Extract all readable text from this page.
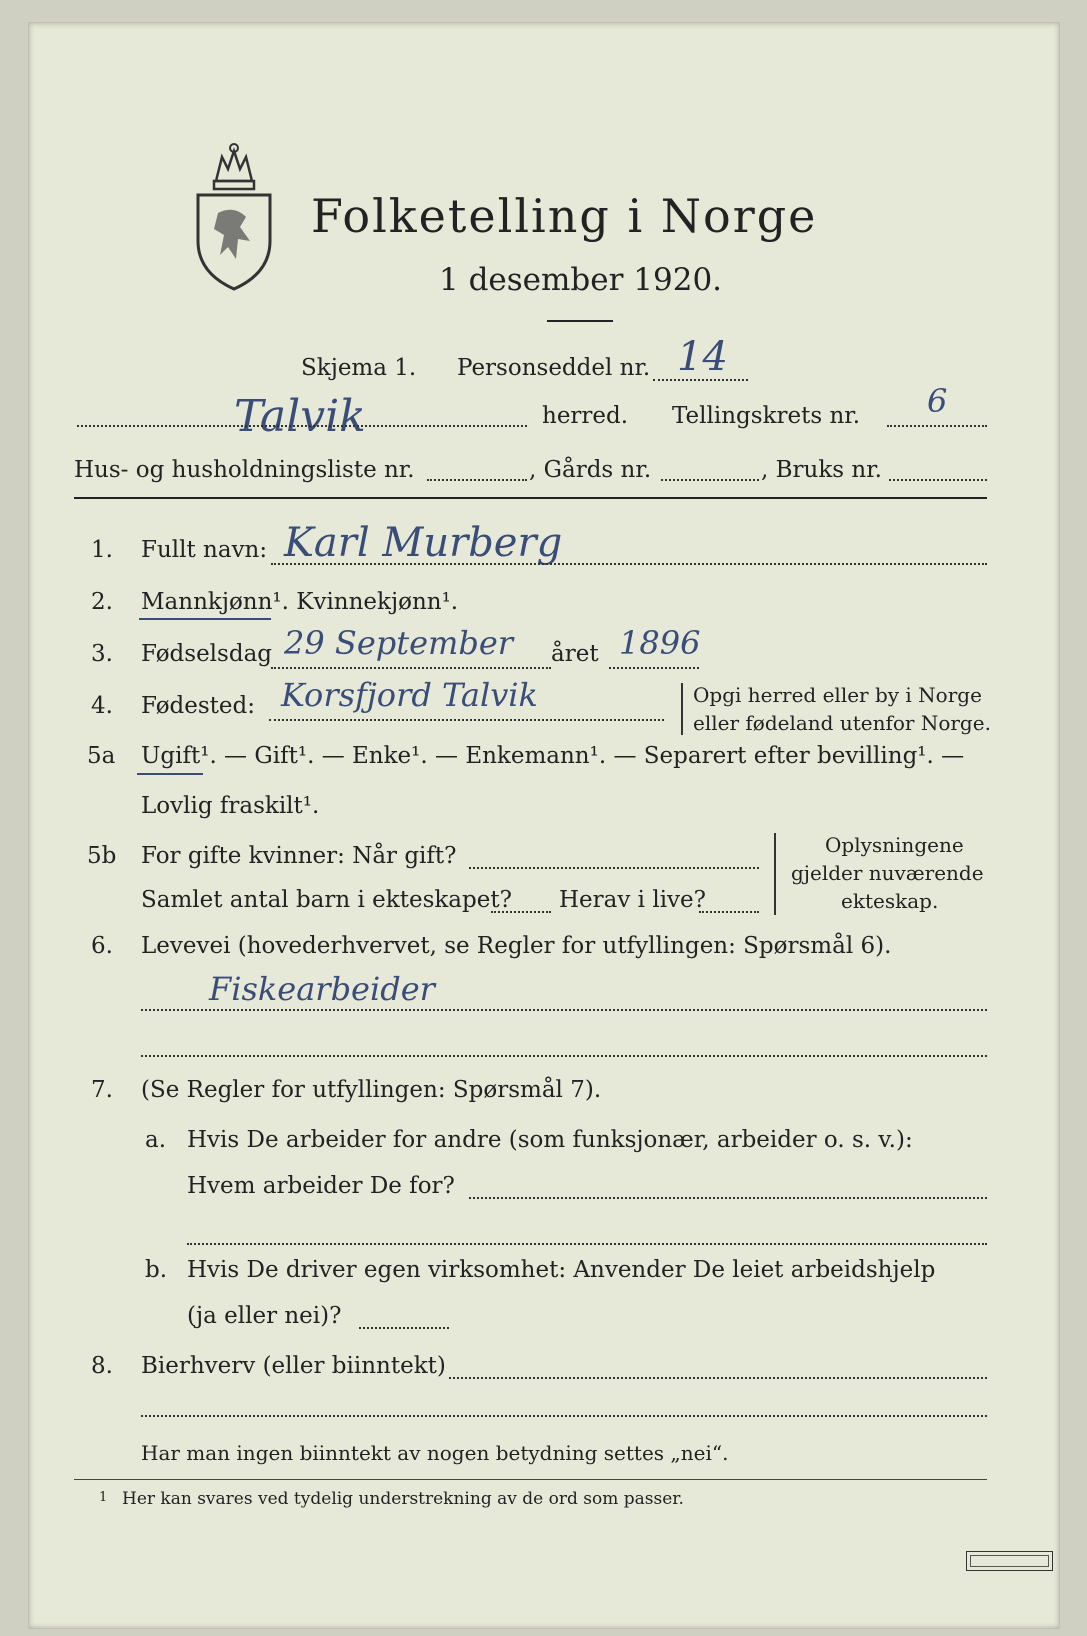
Folketelling i Norge
1 desember 1920.
Skjema 1. Personseddel nr. 14
Talvik	herred. Tellingskrets nr. 6
Hus- og husholdningsliste nr.	, Gårds nr.	, Bruks nr.
1. Fullt navn: Karl Murberg
2. Mannkjønn¹. Kvinnekjønn¹.
3. Fødselsdag 29 September året 1896
4. Fødested: Korsfjord Talvik	Opgi herred eller by i Norge
eller fødeland utenfor Norge.
5a Ugift¹. — Gift¹. — Enke¹. — Enkemann¹. — Separert efter bevilling¹. —
Lovlig fraskilt¹.
5b For gifte kvinner: Når gift?
Samlet antal barn i ekteskapet? Herav i live?
Oplysningene
gjelder nuværende
ekteskap.
6. Levevei (hovederhvervet, se Regler for utfyllingen: Spørsmål 6).
Fiskearbeider
7. (Se Regler for utfyllingen: Spørsmål 7).
a. Hvis De arbeider for andre (som funksjonær, arbeider o. s. v.):
Hvem arbeider De for?
b. Hvis De driver egen virksomhet: Anvender De leiet arbeidshjelp
(ja eller nei)?
8. Bierhverv (eller biinntekt)
Har man ingen biinntekt av nogen betydning settes „nei“.
1 Her kan svares ved tydelig understrekning av de ord som passer.
